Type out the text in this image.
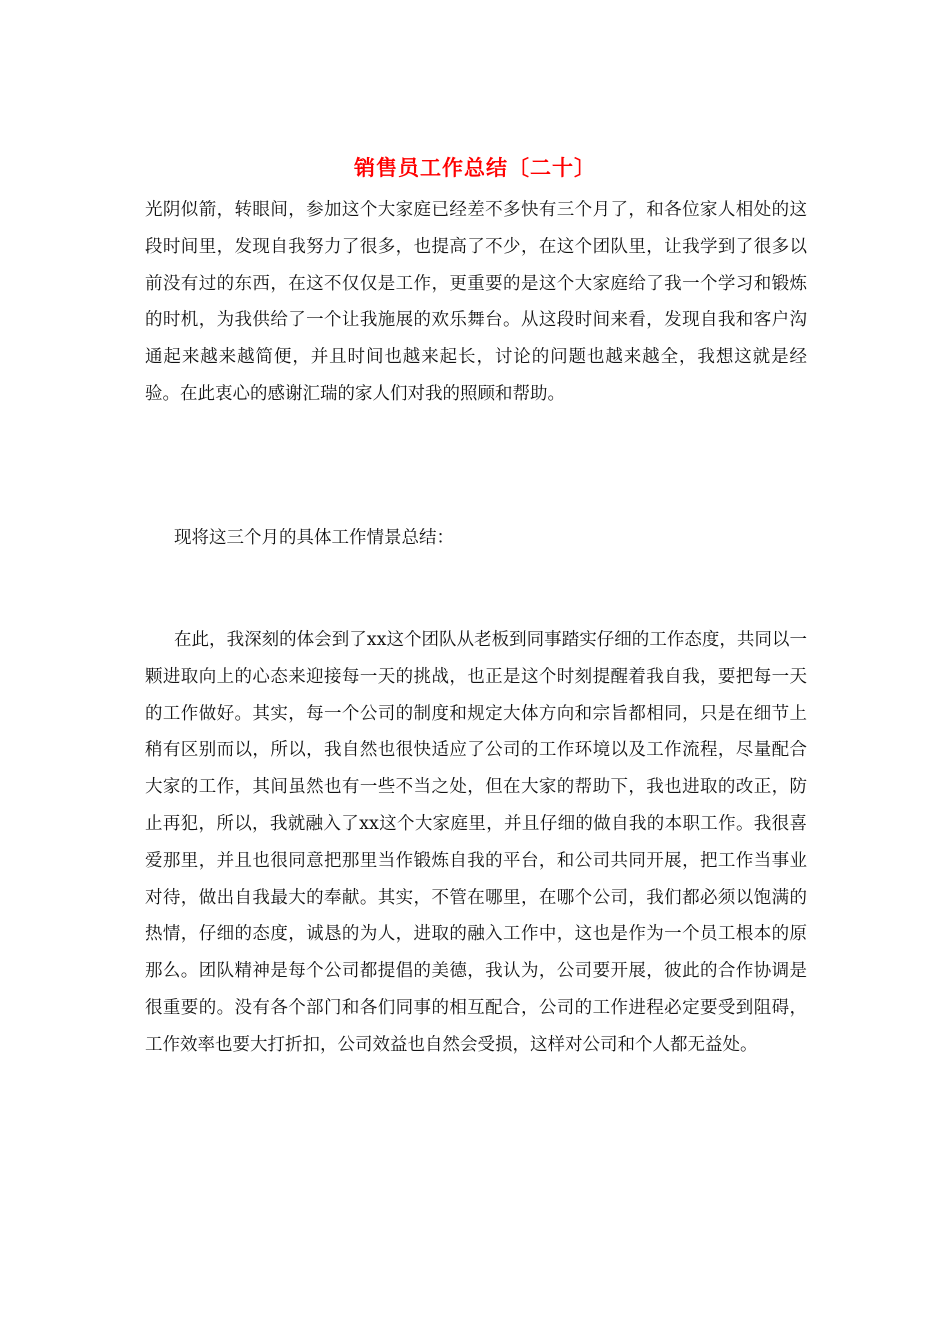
销售员工作总结〔二十〕

光阴似箭，转眼间，参加这个大家庭已经差不多快有三个月了，和各位家人相处的这段时间里，发现自我努力了很多，也提高了不少，在这个团队里，让我学到了很多以前没有过的东西，在这不仅仅是工作，更重要的是这个大家庭给了我一个学习和锻炼的时机，为我供给了一个让我施展的欢乐舞台。从这段时间来看，发现自我和客户沟通起来越来越简便，并且时间也越来起长，讨论的问题也越来越全，我想这就是经验。在此衷心的感谢汇瑞的家人们对我的照顾和帮助。

现将这三个月的具体工作情景总结：

在此，我深刻的体会到了xx这个团队从老板到同事踏实仔细的工作态度，共同以一颗进取向上的心态来迎接每一天的挑战，也正是这个时刻提醒着我自我，要把每一天的工作做好。其实，每一个公司的制度和规定大体方向和宗旨都相同，只是在细节上稍有区别而以，所以，我自然也很快适应了公司的工作环境以及工作流程，尽量配合大家的工作，其间虽然也有一些不当之处，但在大家的帮助下，我也进取的改正，防止再犯，所以，我就融入了xx这个大家庭里，并且仔细的做自我的本职工作。我很喜爱那里，并且也很同意把那里当作锻炼自我的平台，和公司共同开展，把工作当事业对待，做出自我最大的奉献。其实，不管在哪里，在哪个公司，我们都必须以饱满的热情，仔细的态度，诚恳的为人，进取的融入工作中，这也是作为一个员工根本的原那么。团队精神是每个公司都提倡的美德，我认为，公司要开展，彼此的合作协调是很重要的。没有各个部门和各们同事的相互配合，公司的工作进程必定要受到阻碍，工作效率也要大打折扣，公司效益也自然会受损，这样对公司和个人都无益处。
